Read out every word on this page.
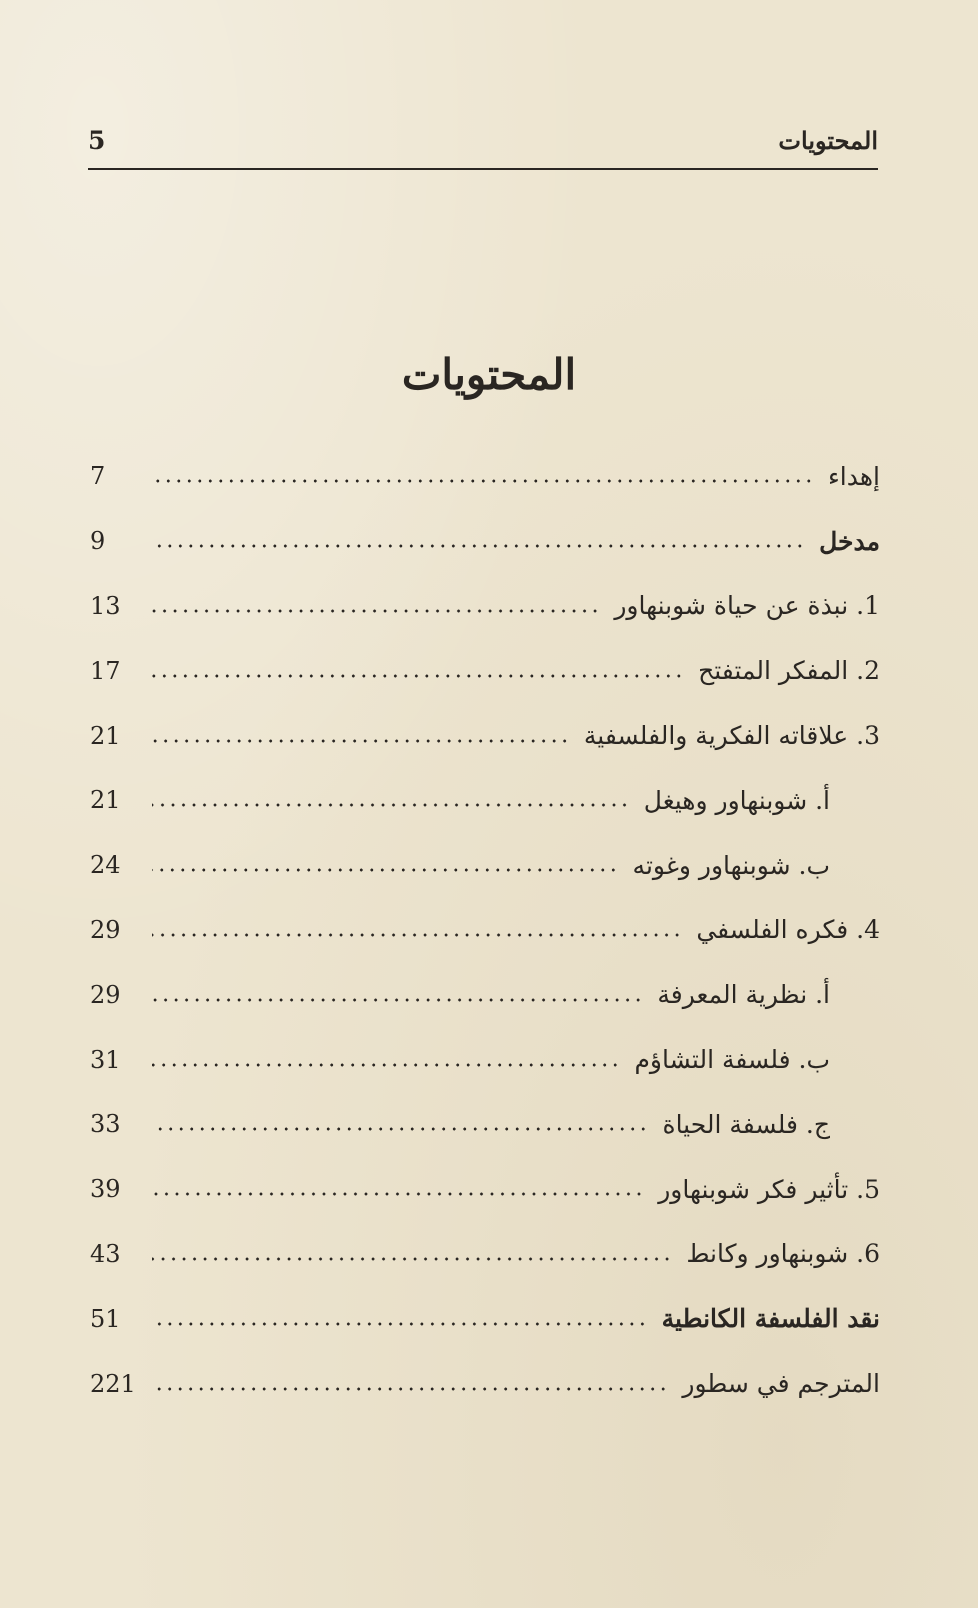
5	المحتويات
المحتويات
إهداء
7
مدخل
9
1. نبذة عن حياة شوبنهاور
13
2. المفكر المتفتح
17
3. علاقاته الفكرية والفلسفية
21
أ. شوبنهاور وهيغل
21
ب. شوبنهاور وغوته
24
4. فكره الفلسفي
29
أ. نظرية المعرفة
29
ب. فلسفة التشاؤم
31
ج. فلسفة الحياة
33
5. تأثير فكر شوبنهاور
39
6. شوبنهاور وكانط
43
نقد الفلسفة الكانطية
51
المترجم في سطور
221
